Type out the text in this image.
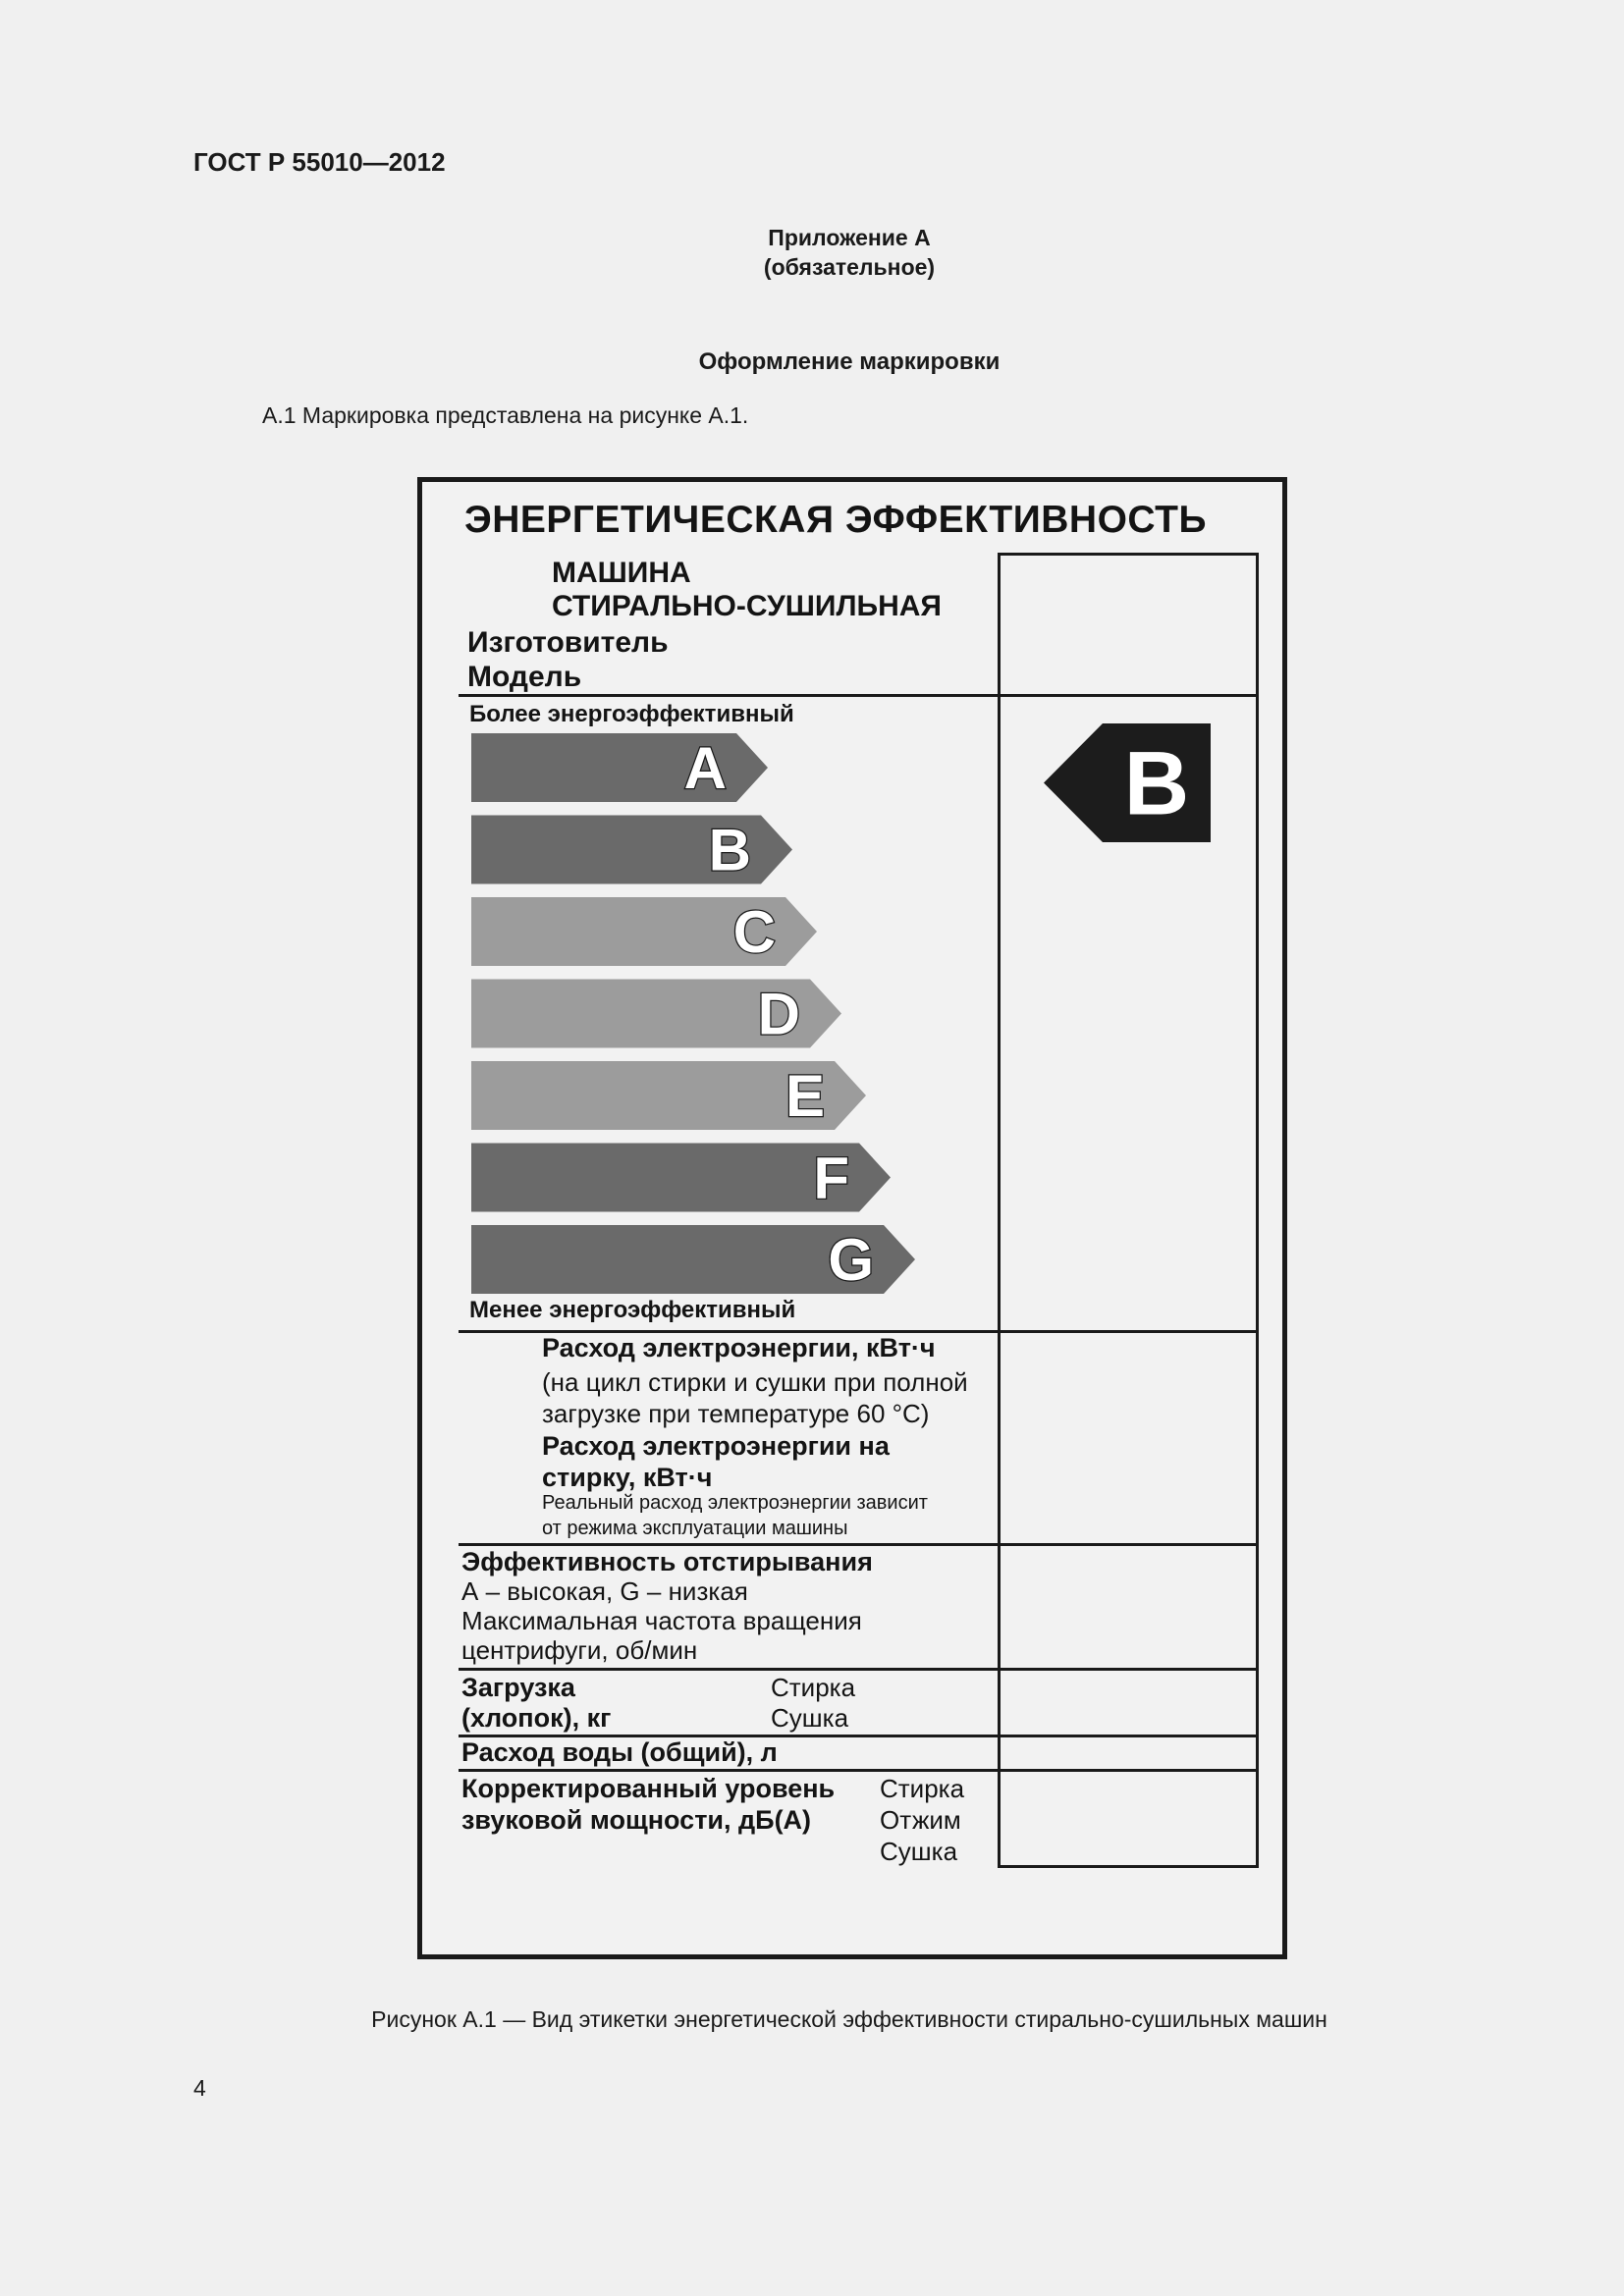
ГОСТ Р 55010—2012
Приложение А
(обязательное)
Оформление маркировки
А.1 Маркировка представлена на рисунке А.1.
ЭНЕРГЕТИЧЕСКАЯ ЭФФЕКТИВНОСТЬ
МАШИНА
СТИРАЛЬНО-СУШИЛЬНАЯ
Изготовитель
Модель
Более энергоэффективный
Менее энергоэффективный
A
B
C
D
E
F
G
B
Расход электроэнергии, кВт·ч
(на цикл стирки и сушки при полной
загрузке при температуре 60 °С)
Расход электроэнергии на
стирку, кВт·ч
Реальный расход электроэнергии зависит
от режима эксплуатации машины
Эффективность отстирывания
А – высокая, G – низкая
Максимальная частота вращения
центрифуги, об/мин
Загрузка
(хлопок), кг
Стирка
Сушка
Расход воды (общий), л
Корректированный уровень
звуковой мощности, дБ(А)
Стирка
Отжим
Сушка
Рисунок А.1 — Вид этикетки энергетической эффективности стирально-сушильных машин
4
